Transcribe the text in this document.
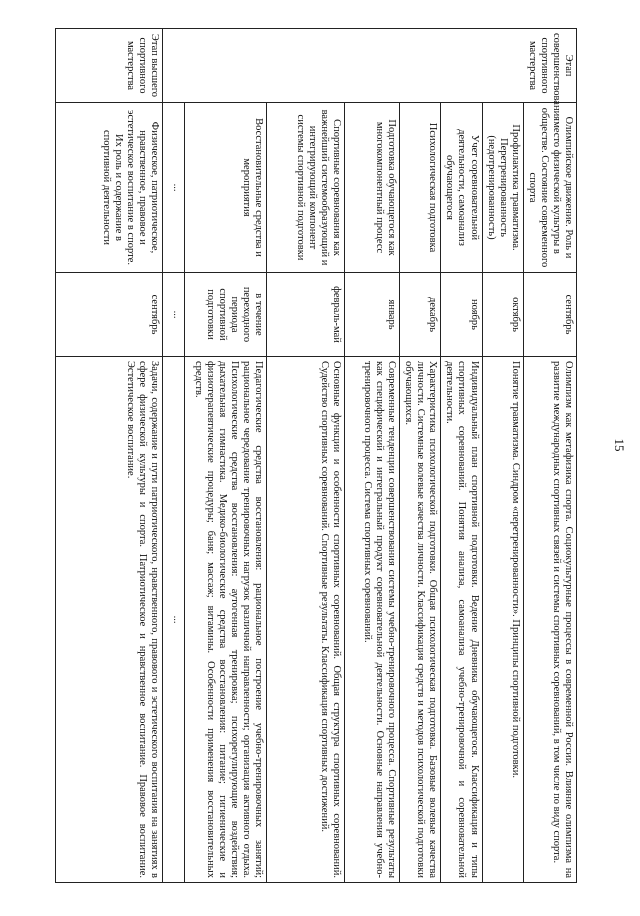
15
Этап совершенствования спортивного мастерства	Олимпийское движение. Роль и место физической культуры в обществе. Состояние современного спорта	сентябрь	Олимпизм как метафизика спорта. Социокультурные процессы в современной России. Влияние олимпизма на развитие международных спортивных связей и системы спортивных соревнований, в том числе по виду спорта.
	Профилактика травматизма. Перетренированность (недотренированность)	октябрь	Понятие травматизма. Синдром «перетренированности». Принципы спортивной подготовки.
	Учет соревновательной деятельности, самоанализ обучающегося	ноябрь	Индивидуальный план спортивной подготовки. Ведение Дневника обучающегося. Классификация и типы спортивных соревнований. Понятия анализа, самоанализа учебно-тренировочной и соревновательной деятельности.
	Психологическая подготовка	декабрь	Характеристика психологической подготовки. Общая психологическая подготовка. Базовые волевые качества личности. Системные волевые качества личности. Классификация средств и методов психологической подготовки обучающихся.
	Подготовка обучающегося как многокомпонентный процесс	январь	Современные тенденции совершенствования системы учебно-тренировочного процесса. Спортивные результаты как специфический и интегральный продукт соревновательной деятельности. Основные направления учебно-тренировочного процесса. Система спортивных соревнований.
	Спортивные соревнования как важнейший системообразующий и интегрирующий компонент системы спортивной подготовки	февраль-май	Основные функции и особенности спортивных соревнований. Общая структура спортивных соревнований. Судейство спортивных соревнований. Спортивные результаты. Классификация спортивных достижений.
	Восстановительные средства и мероприятия	в течение переходного периода спортивной подготовки	Педагогические средства восстановления: рациональное построение учебно-тренировочных занятий; рациональное чередование тренировочных нагрузок различной направленности; организация активного отдыха. Психологические средства восстановления: аутогенная тренировка; психорегулирующие воздействия; дыхательная гимнастика. Медико-биологические средства восстановления: питание; гигиенические и физиотерапевтические процедуры; баня; массаж; витамины. Особенности применения восстановительных средств.

	...	...	...

Этап высшего спортивного мастерства	Физическое, патриотическое, нравственное, правовое и эстетическое воспитание в спорте. Их роль и содержание в спортивной деятельности	сентябрь	Задачи, содержание и пути патриотического, нравственного, правового и эстетического воспитания на занятиях в сфере физической культуры и спорта. Патриотическое и нравственное воспитание. Правовое воспитание. Эстетическое воспитание.
